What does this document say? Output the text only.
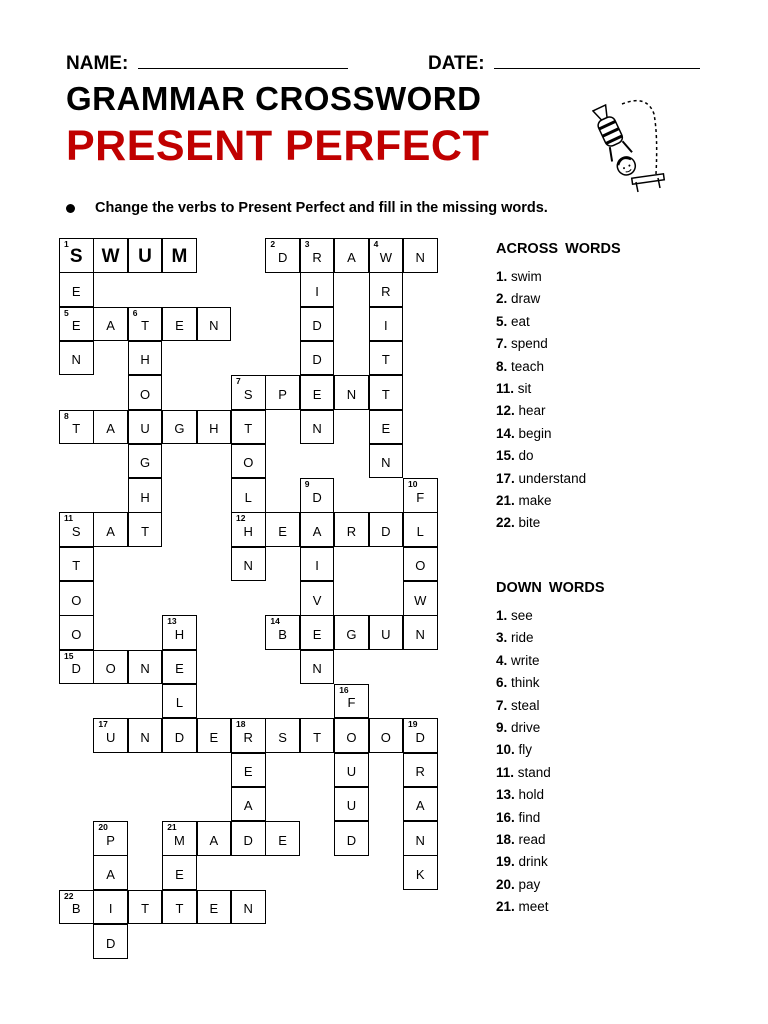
NAME:	DATE:
GRAMMAR CROSSWORD
PRESENT PERFECT
Change the verbs to Present Perfect and fill in the missing words.
1
S	W U	M
2
D
3
R	A
4
W	N
E	I	R
5
E	A
6
T	E	N	D	I
N	H	D	T
O
7
S	P	E	N	T
8
T	A	U	G	H	T	N	E
G	O	N
H	L
9
D
10
F
11
S	A	T
12
H	E	A	R	D	L
T	N	I	O
O	V	W
O
13
H
14
B	E	G	U	N
15
D	O	N	E	N
L
16
F
17
U	N	D	E
18
R	S	T	O	O
19
D
E	U	R
A	U	A
20
P
21
M	A	D	E	D	N
A	E	K
22
B	I	T	T	E	N
D
ACROSS WORDS
1. swim
2. draw
5. eat
7. spend
8. teach
11. sit
12. hear
14. begin
15. do
17. understand
21. make
22. bite
DOWN WORDS
1. see
3. ride
4. write
6. think
7. steal
9. drive
10. fly
11. stand
13. hold
16. find
18. read
19. drink
20. pay
21. meet
